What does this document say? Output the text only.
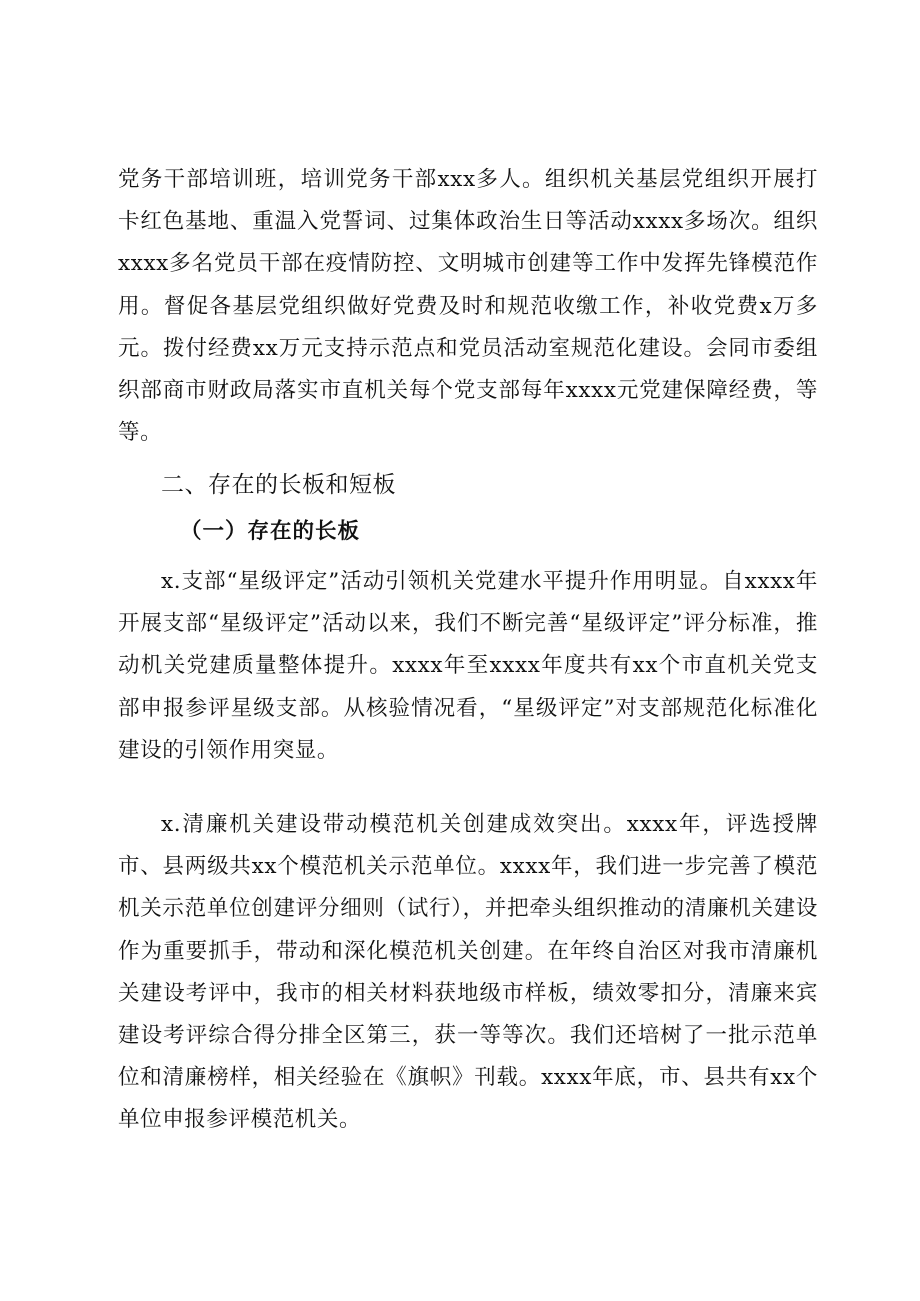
党务干部培训班，培训党务干部xxx多人。组织机关基层党组织开展打卡红色基地、重温入党誓词、过集体政治生日等活动xxxx多场次。组织xxxx多名党员干部在疫情防控、文明城市创建等工作中发挥先锋模范作用。督促各基层党组织做好党费及时和规范收缴工作，补收党费x万多元。拨付经费xx万元支持示范点和党员活动室规范化建设。会同市委组织部商市财政局落实市直机关每个党支部每年xxxx元党建保障经费，等等。

二、存在的长板和短板
（一）存在的长板

x.支部“星级评定”活动引领机关党建水平提升作用明显。自xxxx年开展支部“星级评定”活动以来，我们不断完善“星级评定”评分标准，推动机关党建质量整体提升。xxxx年至xxxx年度共有xx个市直机关党支部申报参评星级支部。从核验情况看，“星级评定”对支部规范化标准化建设的引领作用突显。

x.清廉机关建设带动模范机关创建成效突出。xxxx年，评选授牌市、县两级共xx个模范机关示范单位。xxxx年，我们进一步完善了模范机关示范单位创建评分细则（试行），并把牵头组织推动的清廉机关建设作为重要抓手，带动和深化模范机关创建。在年终自治区对我市清廉机关建设考评中，我市的相关材料获地级市样板，绩效零扣分，清廉来宾建设考评综合得分排全区第三，获一等等次。我们还培树了一批示范单位和清廉榜样，相关经验在《旗帜》刊载。xxxx年底，市、县共有xx个单位申报参评模范机关。
